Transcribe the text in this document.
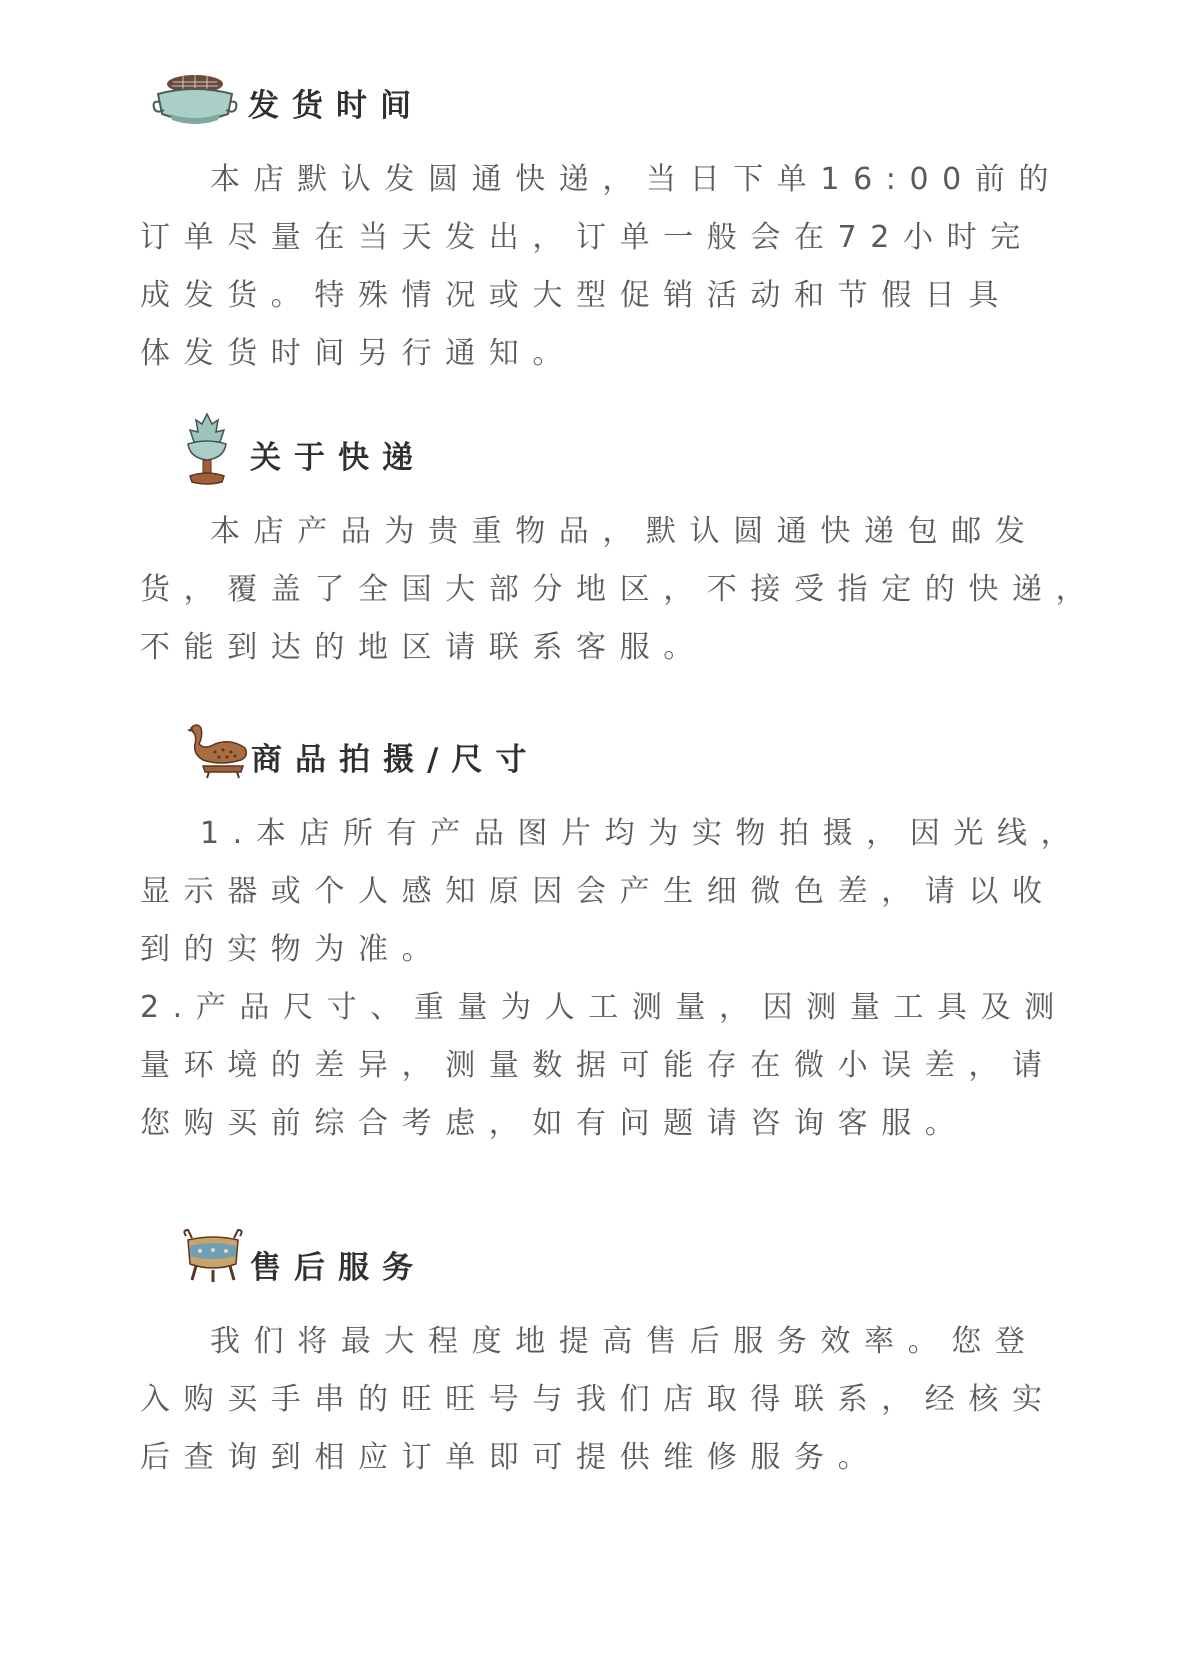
发货时间
本店默认发圆通快递，当日下单16:00前的
订单尽量在当天发出，订单一般会在72小时完
成发货。特殊情况或大型促销活动和节假日具
体发货时间另行通知。
关于快递
本店产品为贵重物品，默认圆通快递包邮发
货，覆盖了全国大部分地区，不接受指定的快递，
不能到达的地区请联系客服。
商品拍摄/尺寸
1.本店所有产品图片均为实物拍摄，因光线，
显示器或个人感知原因会产生细微色差，请以收
到的实物为准。
2.产品尺寸、重量为人工测量，因测量工具及测
量环境的差异，测量数据可能存在微小误差，请
您购买前综合考虑，如有问题请咨询客服。
售后服务
我们将最大程度地提高售后服务效率。您登
入购买手串的旺旺号与我们店取得联系，经核实
后查询到相应订单即可提供维修服务。
